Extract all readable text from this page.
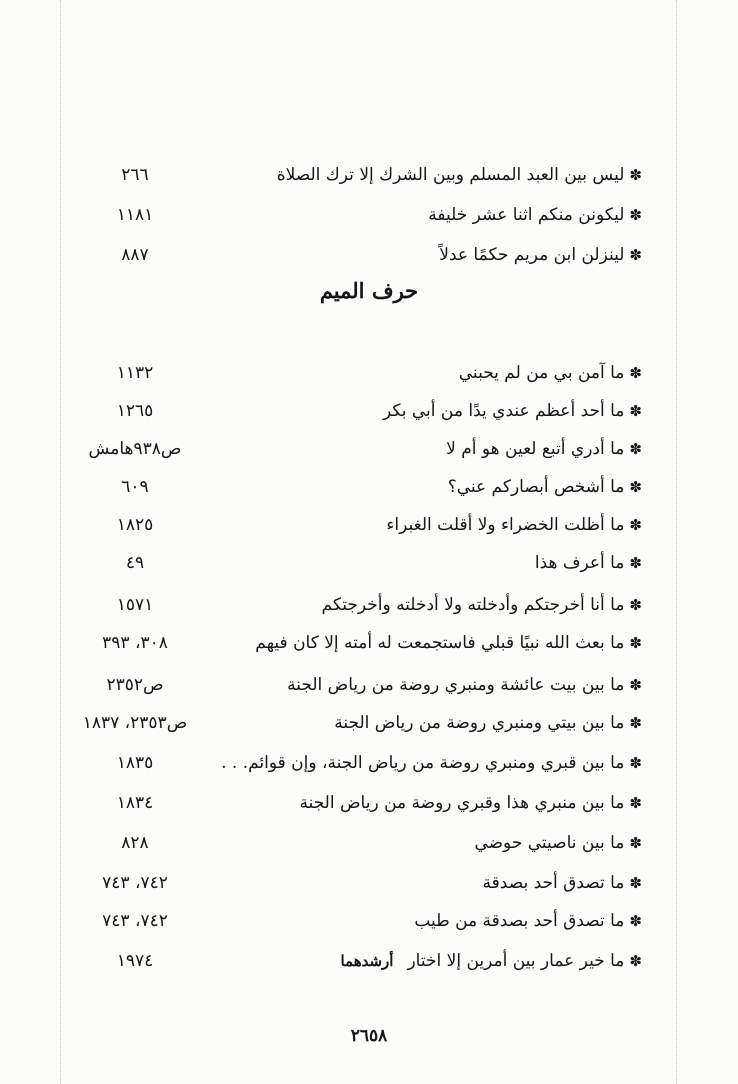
✽ليس بين العبد المسلم وبين الشرك إلا ترك الصلاة
٢٦٦
✽ليكونن منكم اثنا عشر خليفة
١١٨١
✽لينزلن ابن مريم حكمًا عدلاً
٨٨٧
حرف الميم
✽ما آمن بي من لم يحبني
١١٣٢
✽ما أحد أعظم عندي يدًا من أبي بكر
١٢٦٥
✽ما أدري أتبع لعين هو أم لا
ص٩٣٨هامش
✽ما أشخص أبصاركم عني؟
٦٠٩
✽ما أظلت الخضراء ولا أقلت الغبراء
١٨٢٥
✽ما أعرف هذا
٤٩
✽ما أنا أخرجتكم وأدخلته ولا أدخلته وأخرجتكم
١٥٧١
✽ما بعث الله نبيًا قبلي فاستجمعت له أمته إلا كان فيهم
٣٠٨، ٣٩٣
✽ما بين بيت عائشة ومنبري روضة من رياض الجنة
ص٢٣٥٢
✽ما بين بيتي ومنبري روضة من رياض الجنة
ص٢٣٥٣، ١٨٣٧
✽ما بين قبري ومنبري روضة من رياض الجنة، وإن قوائم. . .
١٨٣٥
✽ما بين منبري هذا وقبري روضة من رياض الجنة
١٨٣٤
✽ما بين ناصيتي حوضي
٨٢٨
✽ما تصدق أحد بصدقة
٧٤٢، ٧٤٣
✽ما تصدق أحد بصدقة من طيب
٧٤٢، ٧٤٣
✽ما خير عمار بين أمرين إلا اختارأرشدهما
١٩٧٤
٢٦٥٨
